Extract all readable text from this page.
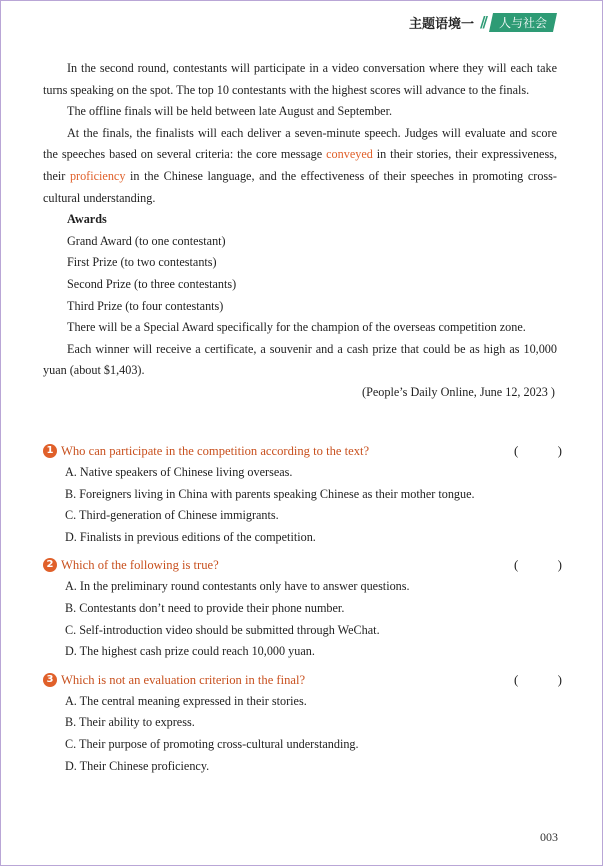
主题语境一 //	人与社会

In the second round, contestants will participate in a video conversation where they will each take turns speaking on the spot. The top 10 contestants with the highest scores will advance to the finals.

The offline finals will be held between late August and September.

At the finals, the finalists will each deliver a seven-minute speech. Judges will evaluate and score the speeches based on several criteria: the core message conveyed in their stories, their expressiveness, their proficiency in the Chinese language, and the effectiveness of their speeches in promoting cross-cultural understanding.

Awards
Grand Award (to one contestant)
First Prize (to two contestants)
Second Prize (to three contestants)
Third Prize (to four contestants)

There will be a Special Award specifically for the champion of the overseas competition zone.

Each winner will receive a certificate, a souvenir and a cash prize that could be as high as 10,000 yuan (about $1,403).

(People’s Daily Online, June 12, 2023 )
1 Who can participate in the competition according to the text?	(	)
A. Native speakers of Chinese living overseas.
B. Foreigners living in China with parents speaking Chinese as their mother tongue.
C. Third-generation of Chinese immigrants.
D. Finalists in previous editions of the competition.
2 Which of the following is true?	(	)
A. In the preliminary round contestants only have to answer questions.
B. Contestants don’t need to provide their phone number.
C. Self-introduction video should be submitted through WeChat.
D. The highest cash prize could reach 10,000 yuan.
3 Which is not an evaluation criterion in the final?	(	)
A. The central meaning expressed in their stories.
B. Their ability to express.
C. Their purpose of promoting cross-cultural understanding.
D. Their Chinese proficiency.
003
